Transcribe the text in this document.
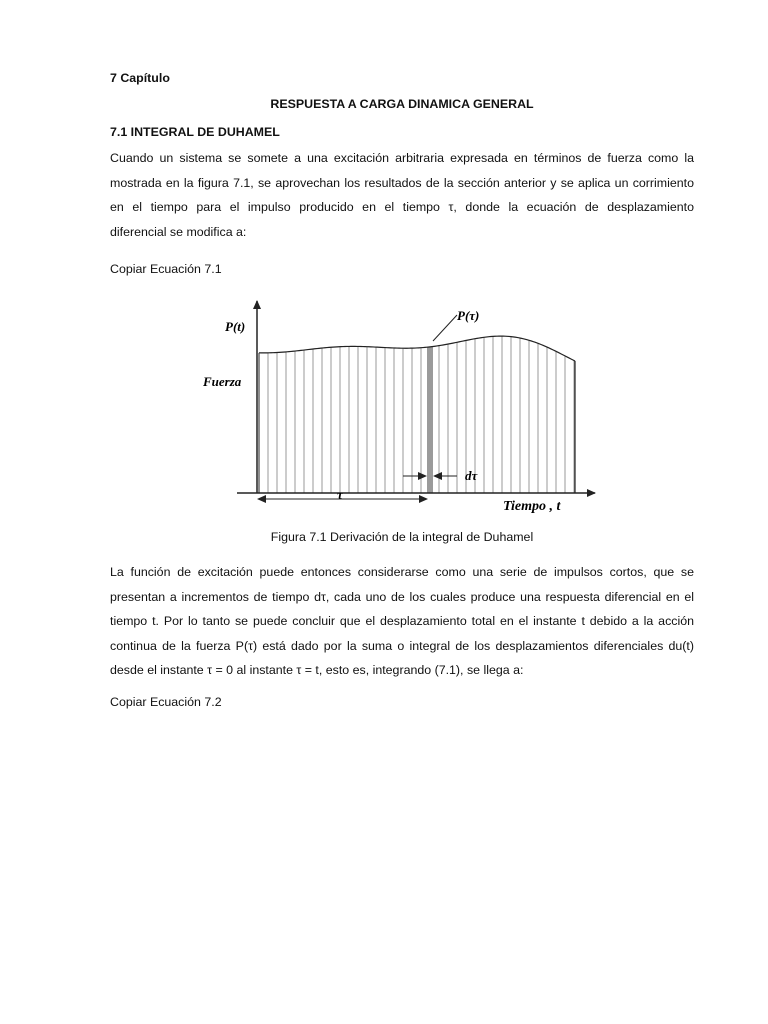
7 Capítulo
RESPUESTA A CARGA DINAMICA GENERAL
7.1 INTEGRAL DE DUHAMEL
Cuando un sistema se somete a una excitación arbitraria expresada en términos de fuerza como la
mostrada en la figura 7.1, se aprovechan los resultados de la sección anterior y se aplica un corrimiento
en el tiempo para el impulso producido en el tiempo τ, donde la ecuación de desplazamiento
diferencial se modifica a:
Copiar Ecuación 7.1
P(t)
Fuerza
P(τ)
dτ
τ
Tiempo , t
Figura 7.1 Derivación de la integral de Duhamel
La función de excitación puede entonces considerarse como una serie de impulsos cortos, que se
presentan a incrementos de tiempo dτ, cada uno de los cuales produce una respuesta diferencial en el
tiempo t. Por lo tanto se puede concluir que el desplazamiento total en el instante t debido a la acción
continua de la fuerza P(τ) está dado por la suma o integral de los desplazamientos diferenciales du(t)
desde el instante τ = 0 al instante τ = t, esto es, integrando (7.1), se llega a:
Copiar Ecuación 7.2
